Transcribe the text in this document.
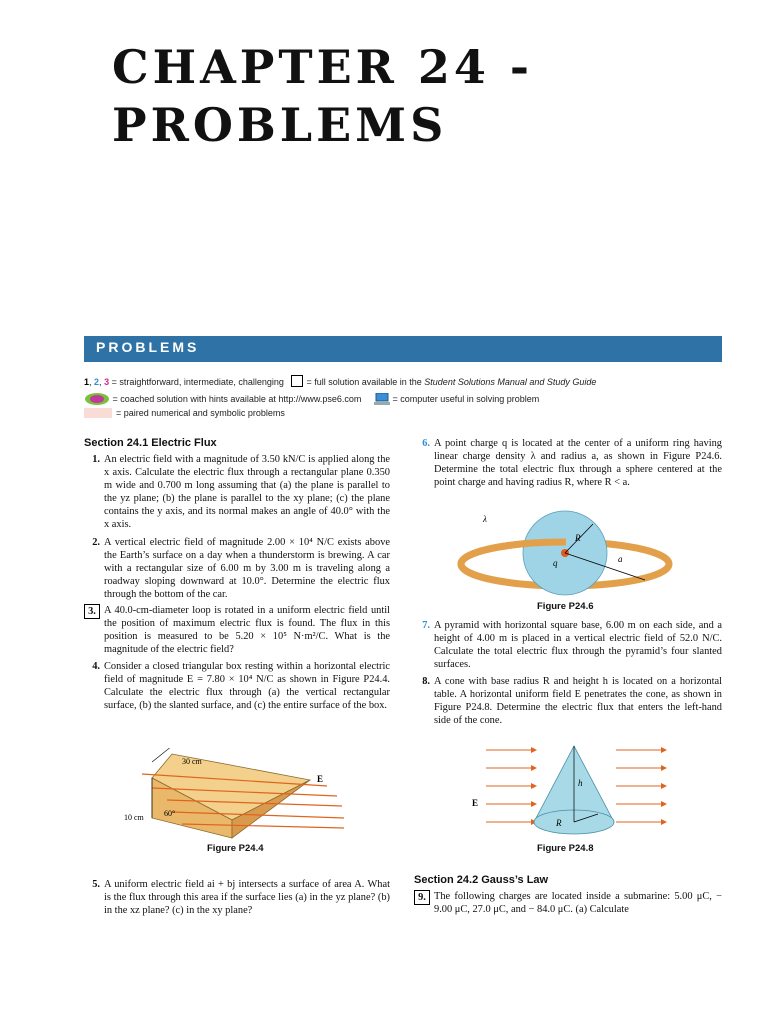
CHAPTER 24 -
PROBLEMS
PROBLEMS
1, 2, 3 = straightforward, intermediate, challenging	= full solution available in the Student Solutions Manual and Study Guide
= coached solution with hints available at http://www.pse6.com	= computer useful in solving problem
= paired numerical and symbolic problems
Section 24.1 Electric Flux
1. An electric field with a magnitude of 3.50 kN/C is applied along the x axis. Calculate the electric flux through a rectangular plane 0.350 m wide and 0.700 m long assuming that (a) the plane is parallel to the yz plane; (b) the plane is parallel to the xy plane; (c) the plane contains the y axis, and its normal makes an angle of 40.0° with the x axis.
2. A vertical electric field of magnitude 2.00 × 10⁴ N/C exists above the Earth’s surface on a day when a thunderstorm is brewing. A car with a rectangular size of 6.00 m by 3.00 m is traveling along a roadway sloping downward at 10.0°. Determine the electric flux through the bottom of the car.
3. A 40.0-cm-diameter loop is rotated in a uniform electric field until the position of maximum electric flux is found. The flux in this position is measured to be 5.20 × 10⁵ N·m²/C. What is the magnitude of the electric field?
4. Consider a closed triangular box resting within a horizontal electric field of magnitude E = 7.80 × 10⁴ N/C as shown in Figure P24.4. Calculate the electric flux through (a) the vertical rectangular surface, (b) the slanted surface, and (c) the entire surface of the box.
30 cm
10 cm	60°
E
Figure P24.4
5. A uniform electric field ai + bj intersects a surface of area A. What is the flux through this area if the surface lies (a) in the yz plane? (b) in the xz plane? (c) in the xy plane?
6. A point charge q is located at the center of a uniform ring having linear charge density λ and radius a, as shown in Figure P24.6. Determine the total electric flux through a sphere centered at the point charge and having radius R, where R < a.
λ
R
q	a
Figure P24.6
7. A pyramid with horizontal square base, 6.00 m on each side, and a height of 4.00 m is placed in a vertical electric field of 52.0 N/C. Calculate the total electric flux through the pyramid’s four slanted surfaces.
8. A cone with base radius R and height h is located on a horizontal table. A horizontal uniform field E penetrates the cone, as shown in Figure P24.8. Determine the electric flux that enters the left-hand side of the cone.
E
h
R
Figure P24.8
Section 24.2 Gauss’s Law
9. The following charges are located inside a submarine: 5.00 μC, − 9.00 μC, 27.0 μC, and − 84.0 μC. (a) Calculate
